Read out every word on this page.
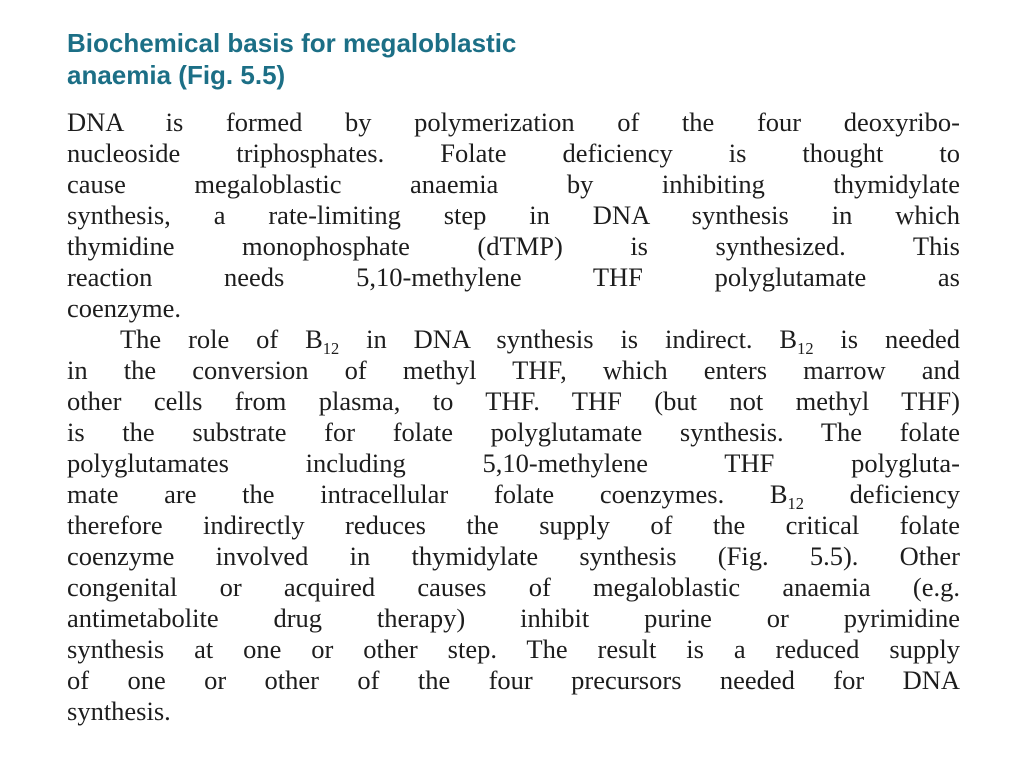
Biochemical basis for megaloblastic
anaemia (Fig. 5.5)
DNA is formed by polymerization of the four deoxyribo-
nucleoside triphosphates. Folate deficiency is thought to
cause megaloblastic anaemia by inhibiting thymidylate
synthesis, a rate-limiting step in DNA synthesis in which
thymidine monophosphate (dTMP) is synthesized. This
reaction needs 5,10-methylene THF polyglutamate as
coenzyme.
The role of $B_{12}$ in DNA synthesis is indirect. $B_{12}$ is needed
in the conversion of methyl THF, which enters marrow and
other cells from plasma, to THF. THF (but not methyl THF)
is the substrate for folate polyglutamate synthesis. The folate
polyglutamates including 5,10-methylene THF polygluta-
mate are the intracellular folate coenzymes. $B_{12}$ deficiency
therefore indirectly reduces the supply of the critical folate
coenzyme involved in thymidylate synthesis (Fig. 5.5). Other
congenital or acquired causes of megaloblastic anaemia (e.g.
antimetabolite drug therapy) inhibit purine or pyrimidine
synthesis at one or other step. The result is a reduced supply
of one or other of the four precursors needed for DNA
synthesis.
